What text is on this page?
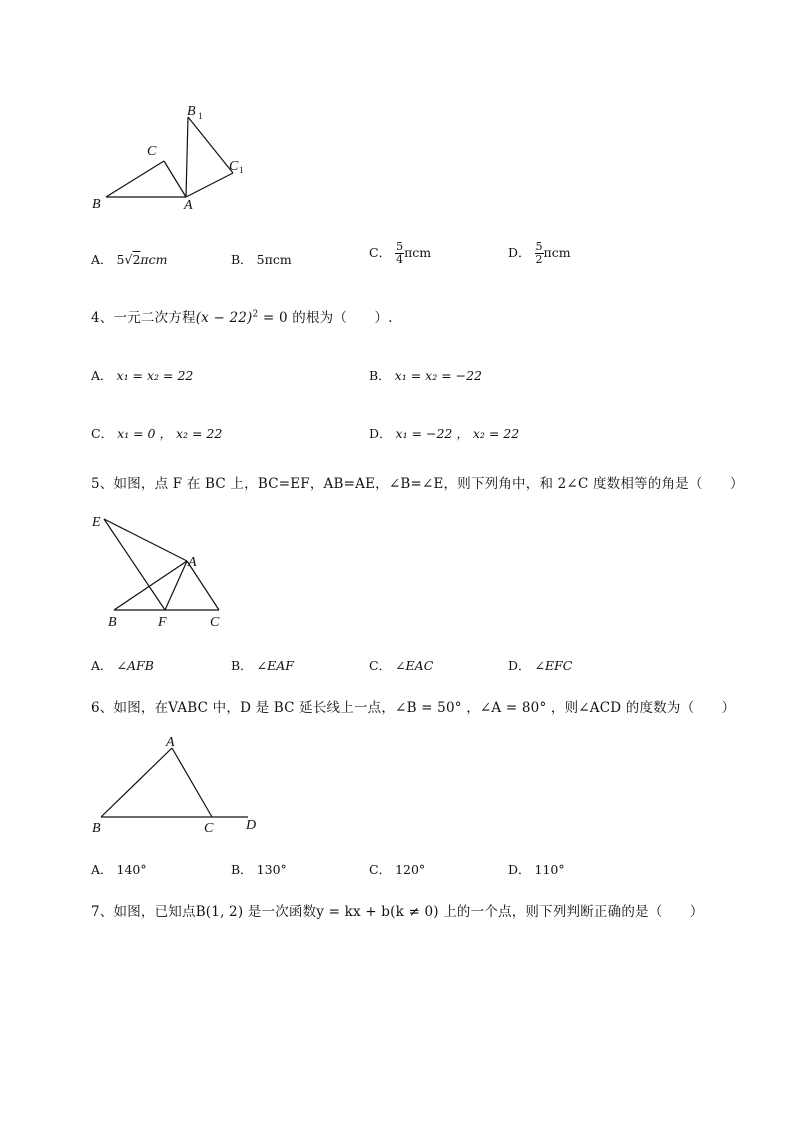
B 1
C
C 1
B	A
A． 5√2πcm	B． 5πcm	C． $\frac{5}{4}$ πcm	D． $\frac{5}{2}$ πcm
4、一元二次方程$(x - 22)^2 = 0$ 的根为（　　）.
A． x₁ = x₂ = 22	B． x₁ = x₂ = −22
C． x₁ = 0 ， x₂ = 22	D． x₁ = −22 ， x₂ = 22
5、如图，点 F 在 BC 上，BC=EF，AB=AE，∠B=∠E，则下列角中，和 2∠C 度数相等的角是（　　）
E
A
B	F	C
A． ∠AFB	B． ∠EAF	C． ∠EAC	D． ∠EFC
6、如图，在VABC 中，D 是 BC 延长线上一点，∠B = 50° ，∠A = 80° ，则∠ACD 的度数为（　　）
A
B	C D
A． 140°	B． 130°	C． 120°	D． 110°
7、如图，已知点B(1, 2) 是一次函数y = kx + b(k ≠ 0) 上的一个点，则下列判断正确的是（　　）
